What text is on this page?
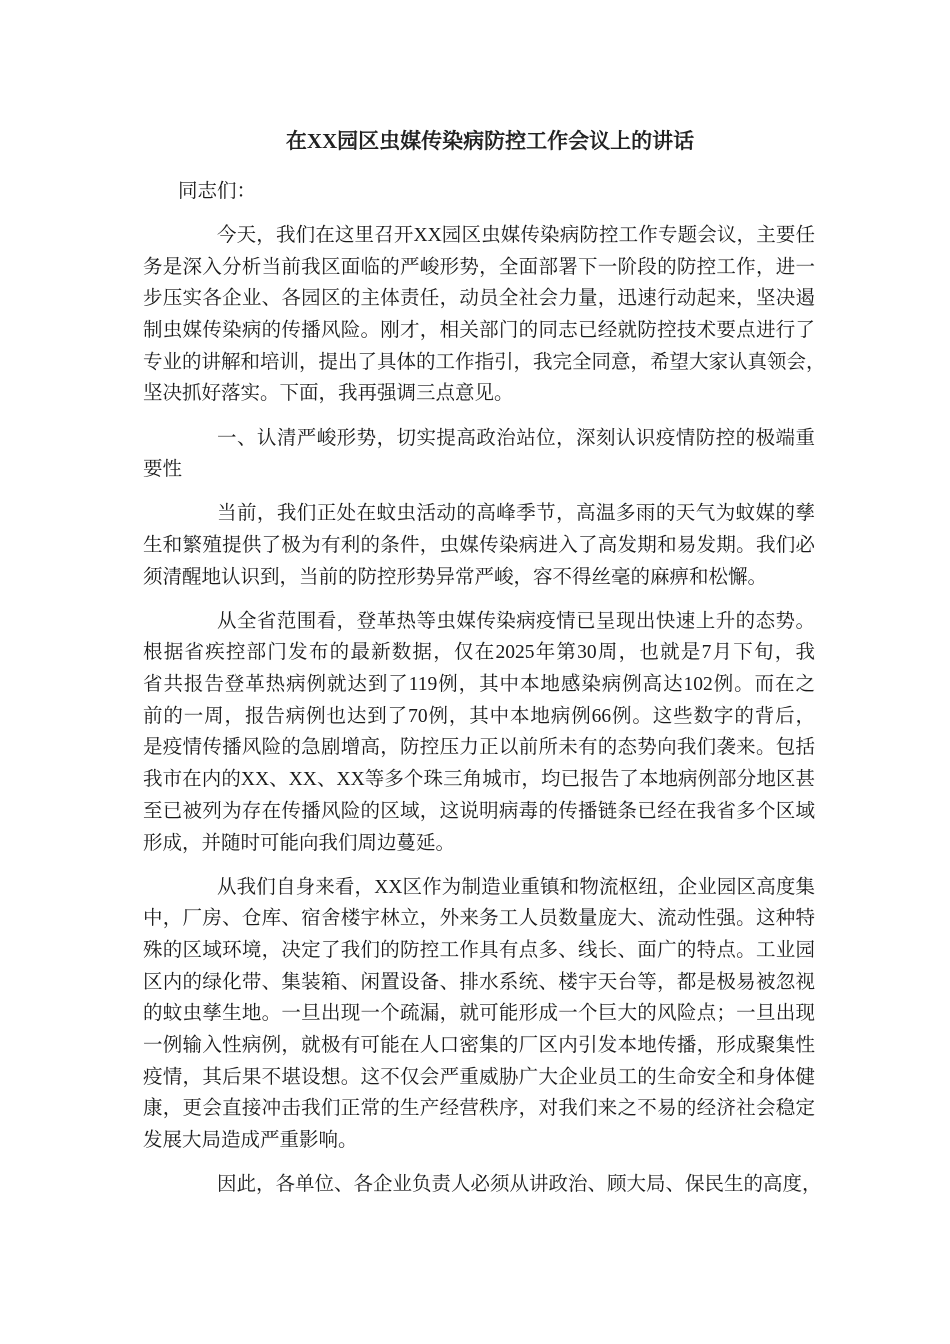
在XX园区虫媒传染病防控工作会议上的讲话
同志们：
今天，我们在这里召开XX园区虫媒传染病防控工作专题会议，主要任
务是深入分析当前我区面临的严峻形势，全面部署下一阶段的防控工作，进一
步压实各企业、各园区的主体责任，动员全社会力量，迅速行动起来，坚决遏
制虫媒传染病的传播风险。刚才，相关部门的同志已经就防控技术要点进行了
专业的讲解和培训，提出了具体的工作指引，我完全同意，希望大家认真领会，
坚决抓好落实。下面，我再强调三点意见。
一、认清严峻形势，切实提高政治站位，深刻认识疫情防控的极端重
要性
当前，我们正处在蚊虫活动的高峰季节，高温多雨的天气为蚊媒的孳
生和繁殖提供了极为有利的条件，虫媒传染病进入了高发期和易发期。我们必
须清醒地认识到，当前的防控形势异常严峻，容不得丝毫的麻痹和松懈。
从全省范围看，登革热等虫媒传染病疫情已呈现出快速上升的态势。
根据省疾控部门发布的最新数据，仅在2025年第30周，也就是7月下旬，我
省共报告登革热病例就达到了119例，其中本地感染病例高达102例。而在之
前的一周，报告病例也达到了70例，其中本地病例66例。这些数字的背后，
是疫情传播风险的急剧增高，防控压力正以前所未有的态势向我们袭来。包括
我市在内的XX、XX、XX等多个珠三角城市，均已报告了本地病例部分地区甚
至已被列为存在传播风险的区域，这说明病毒的传播链条已经在我省多个区域
形成，并随时可能向我们周边蔓延。
从我们自身来看，XX区作为制造业重镇和物流枢纽，企业园区高度集
中，厂房、仓库、宿舍楼宇林立，外来务工人员数量庞大、流动性强。这种特
殊的区域环境，决定了我们的防控工作具有点多、线长、面广的特点。工业园
区内的绿化带、集装箱、闲置设备、排水系统、楼宇天台等，都是极易被忽视
的蚊虫孳生地。一旦出现一个疏漏，就可能形成一个巨大的风险点；一旦出现
一例输入性病例，就极有可能在人口密集的厂区内引发本地传播，形成聚集性
疫情，其后果不堪设想。这不仅会严重威胁广大企业员工的生命安全和身体健
康，更会直接冲击我们正常的生产经营秩序，对我们来之不易的经济社会稳定
发展大局造成严重影响。
因此，各单位、各企业负责人必须从讲政治、顾大局、保民生的高度，
